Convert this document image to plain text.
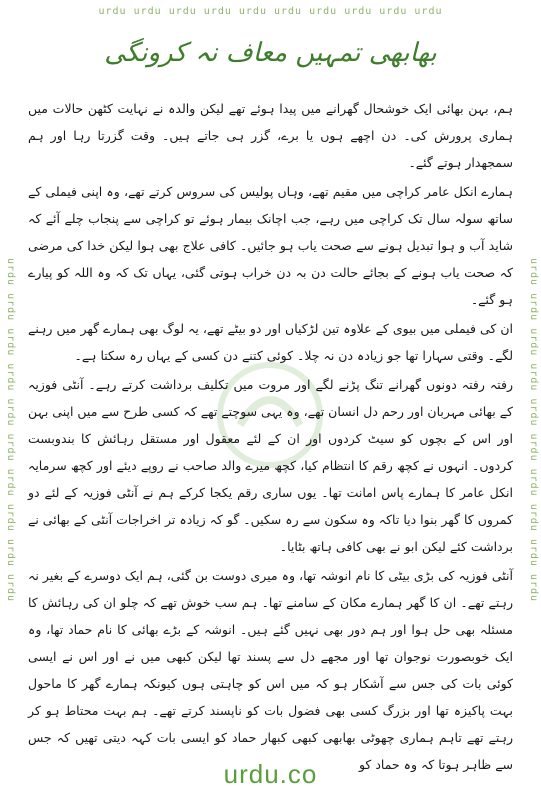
urdu urdu urdu urdu urdu urdu urdu urdu urdu urdu
urdu urdu urdu urdu urdu urdu urdu urdu urdu urdu	urdu urdu urdu urdu urdu urdu urdu urdu urdu urdu
بھابھی تمہیں معاف نہ کرونگی

ہم، بہن بھائی ایک خوشحال گھرانے میں پیدا ہوئے تھے لیکن والدہ نے نہایت کٹھن حالات میں ہماری پرورش کی۔ دن اچھے ہوں یا برے، گزر ہی جاتے ہیں۔ وقت گزرتا رہا اور ہم سمجھدار ہوتے گئے۔

ہمارے انکل عامر کراچی میں مقیم تھے، وہاں پولیس کی سروس کرتے تھے، وہ اپنی فیملی کے ساتھ سولہ سال تک کراچی میں رہے، جب اچانک بیمار ہوئے تو کراچی سے پنجاب چلے آئے کہ شاید آب و ہوا تبدیل ہونے سے صحت یاب ہو جائیں۔ کافی علاج بھی ہوا لیکن خدا کی مرضی کہ صحت یاب ہونے کے بجائے حالت دن بہ دن خراب ہوتی گئی، یہاں تک کہ وہ اللہ کو پیارے ہو گئے۔

ان کی فیملی میں بیوی کے علاوہ تین لڑکیاں اور دو بیٹے تھے، یہ لوگ بھی ہمارے گھر میں رہنے لگے۔ وقتی سہارا تھا جو زیادہ دن نہ چلا۔ کوئی کتنے دن کسی کے یہاں رہ سکتا ہے۔

رفتہ رفتہ دونوں گھرانے تنگ پڑنے لگے اور مروت میں تکلیف برداشت کرتے رہے۔ آنٹی فوزیہ کے بھائی مہربان اور رحم دل انسان تھے، وہ یہی سوچتے تھے کہ کسی طرح سے میں اپنی بہن اور اس کے بچوں کو سیٹ کردوں اور ان کے لئے معقول اور مستقل رہائش کا بندوبست کردوں۔ انہوں نے کچھ رقم کا انتظام کیا، کچھ میرے والد صاحب نے روپے دیئے اور کچھ سرمایہ انکل عامر کا ہمارے پاس امانت تھا۔ یوں ساری رقم یکجا کرکے ہم نے آنٹی فوزیہ کے لئے دو کمروں کا گھر بنوا دیا تاکہ وہ سکون سے رہ سکیں۔ گو کہ زیادہ تر اخراجات آنٹی کے بھائی نے برداشت کئے لیکن ابو نے بھی کافی ہاتھ بٹایا۔

آنٹی فوزیہ کی بڑی بیٹی کا نام انوشہ تھا، وہ میری دوست بن گئی، ہم ایک دوسرے کے بغیر نہ رہتے تھے۔ ان کا گھر ہمارے مکان کے سامنے تھا۔ ہم سب خوش تھے کہ چلو ان کی رہائش کا مسئلہ بھی حل ہوا اور ہم دور بھی نہیں گئے ہیں۔ انوشہ کے بڑے بھائی کا نام حماد تھا، وہ ایک خوبصورت نوجوان تھا اور مجھے دل سے پسند تھا لیکن کبھی میں نے اور اس نے ایسی کوئی بات کی جس سے آشکار ہو کہ میں اس کو چاہتی ہوں کیونکہ ہمارے گھر کا ماحول بہت پاکیزہ تھا اور بزرگ کسی بھی فضول بات کو ناپسند کرتے تھے۔ ہم بہت محتاط ہو کر رہتے تھے تاہم ہماری چھوٹی بھابھی کبھی کبھار حماد کو ایسی بات کہہ دیتی تھیں کہ جس سے ظاہر ہوتا کہ وہ حماد کو

urdu.co
